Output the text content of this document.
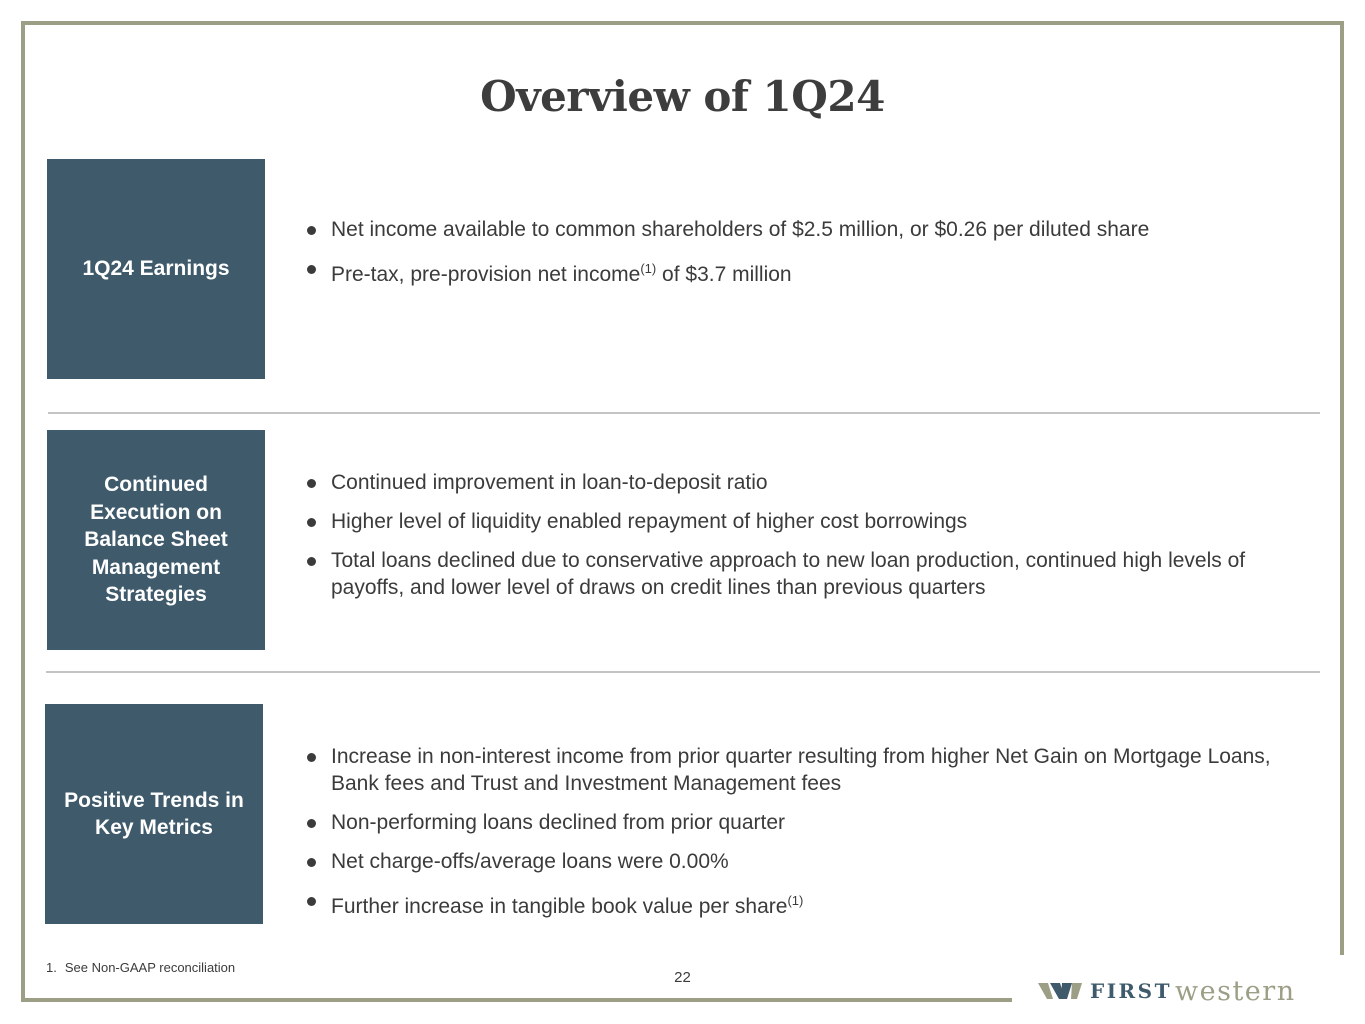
Overview of 1Q24
1Q24 Earnings
Net income available to common shareholders of $2.5 million, or $0.26 per diluted share
Pre-tax, pre-provision net income$^{(1)}$ of $3.7 million
Continued Execution on Balance Sheet Management Strategies
Continued improvement in loan-to-deposit ratio
Higher level of liquidity enabled repayment of higher cost borrowings
Total loans declined due to conservative approach to new loan production, continued high levels of payoffs, and lower level of draws on credit lines than previous quarters
Positive Trends in Key Metrics
Increase in non-interest income from prior quarter resulting from higher Net Gain on Mortgage Loans, Bank fees and Trust and Investment Management fees
Non-performing loans declined from prior quarter
Net charge-offs/average loans were 0.00%
Further increase in tangible book value per share$^{(1)}$
1. See Non-GAAP reconciliation
22
FIRST western
